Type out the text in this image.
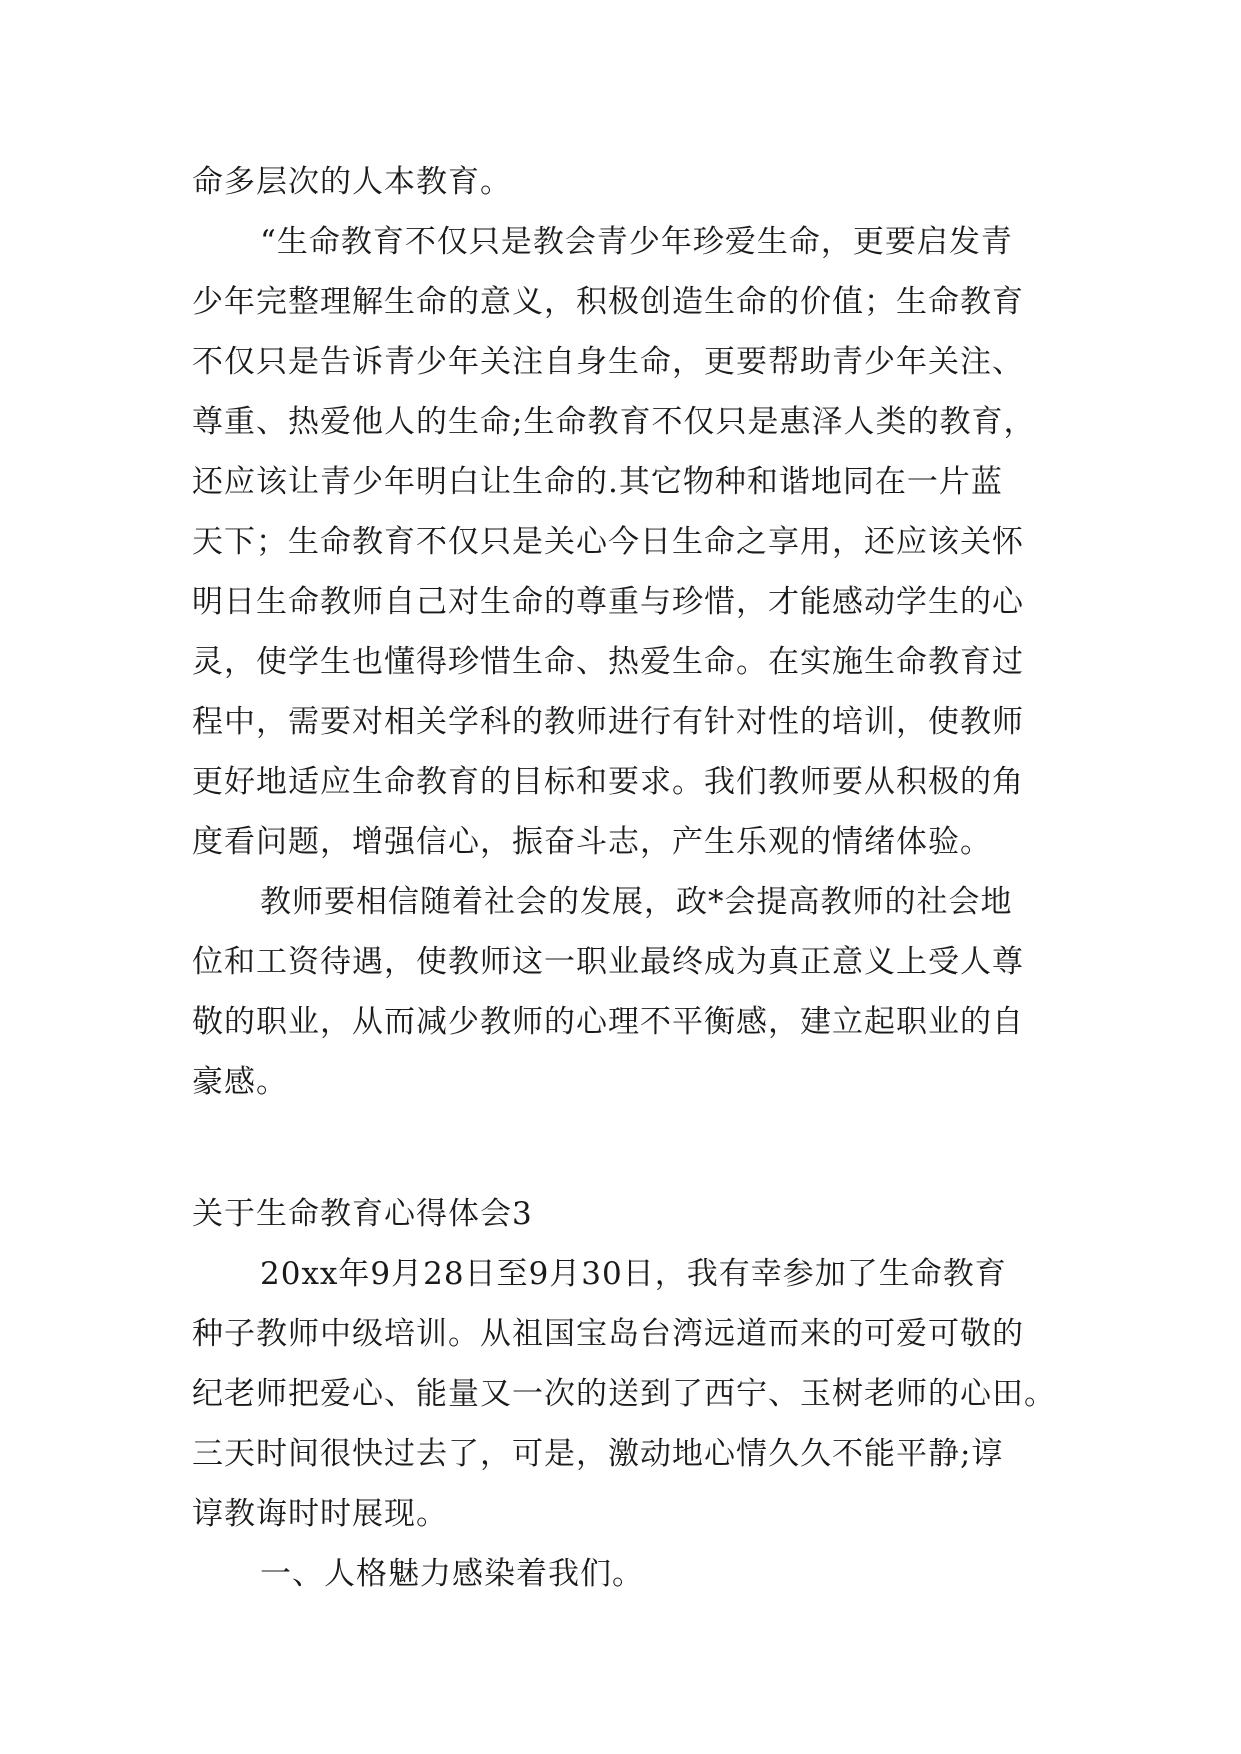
命多层次的人本教育。
“生命教育不仅只是教会青少年珍爱生命，更要启发青
少年完整理解生命的意义，积极创造生命的价值；生命教育
不仅只是告诉青少年关注自身生命，更要帮助青少年关注、
尊重、热爱他人的生命;生命教育不仅只是惠泽人类的教育，
还应该让青少年明白让生命的.其它物种和谐地同在一片蓝
天下；生命教育不仅只是关心今日生命之享用，还应该关怀
明日生命教师自己对生命的尊重与珍惜，才能感动学生的心
灵，使学生也懂得珍惜生命、热爱生命。在实施生命教育过
程中，需要对相关学科的教师进行有针对性的培训，使教师
更好地适应生命教育的目标和要求。我们教师要从积极的角
度看问题，增强信心，振奋斗志，产生乐观的情绪体验。
教师要相信随着社会的发展，政*会提高教师的社会地
位和工资待遇，使教师这一职业最终成为真正意义上受人尊
敬的职业，从而减少教师的心理不平衡感，建立起职业的自
豪感。
关于生命教育心得体会3
20xx年9月28日至9月30日，我有幸参加了生命教育
种子教师中级培训。从祖国宝岛台湾远道而来的可爱可敬的
纪老师把爱心、能量又一次的送到了西宁、玉树老师的心田。
三天时间很快过去了，可是，激动地心情久久不能平静;谆
谆教诲时时展现。
一、人格魅力感染着我们。
